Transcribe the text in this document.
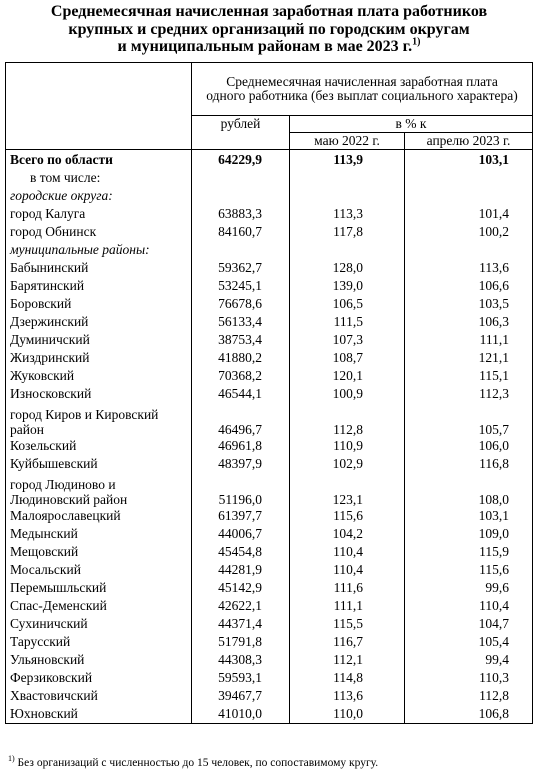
Среднемесячная начисленная заработная плата работников
крупных и средних организаций по городским округам
и муниципальным районам в мае 2023 г.$^{1)}$
	Среднемесячная начисленная заработная плата одного работника (без выплат социального характера)		
	рублей	в % к	
		маю 2022 г.	апрелю 2023 г.
Всего по области	64229,9	113,9	103,1
в том числе:			
городские округа:			
город Калуга	63883,3	113,3	101,4
город Обнинск	84160,7	117,8	100,2
муниципальные районы:			
Бабынинский	59362,7	128,0	113,6
Барятинский	53245,1	139,0	106,6
Боровский	76678,6	106,5	103,5
Дзержинский	56133,4	111,5	106,3
Думиничский	38753,4	107,3	111,1
Жиздринский	41880,2	108,7	121,1
Жуковский	70368,2	120,1	115,1
Износковский	46544,1	100,9	112,3
город Киров и Кировский район	46496,7	112,8	105,7
Козельский	46961,8	110,9	106,0
Куйбышевский	48397,9	102,9	116,8
город Людиново и Людиновский район	51196,0	123,1	108,0
Малоярославецкий	61397,7	115,6	103,1
Медынский	44006,7	104,2	109,0
Мещовский	45454,8	110,4	115,9
Мосальский	44281,9	110,4	115,6
Перемышльский	45142,9	111,6	99,6
Спас-Деменский	42622,1	111,1	110,4
Сухиничский	44371,4	115,5	104,7
Тарусский	51791,8	116,7	105,4
Ульяновский	44308,3	112,1	99,4
Ферзиковский	59593,1	114,8	110,3
Хвастовичский	39467,7	113,6	112,8
Юхновский	41010,0	110,0	106,8
$^{1)}$ Без организаций с численностью до 15 человек, по сопоставимому кругу.
